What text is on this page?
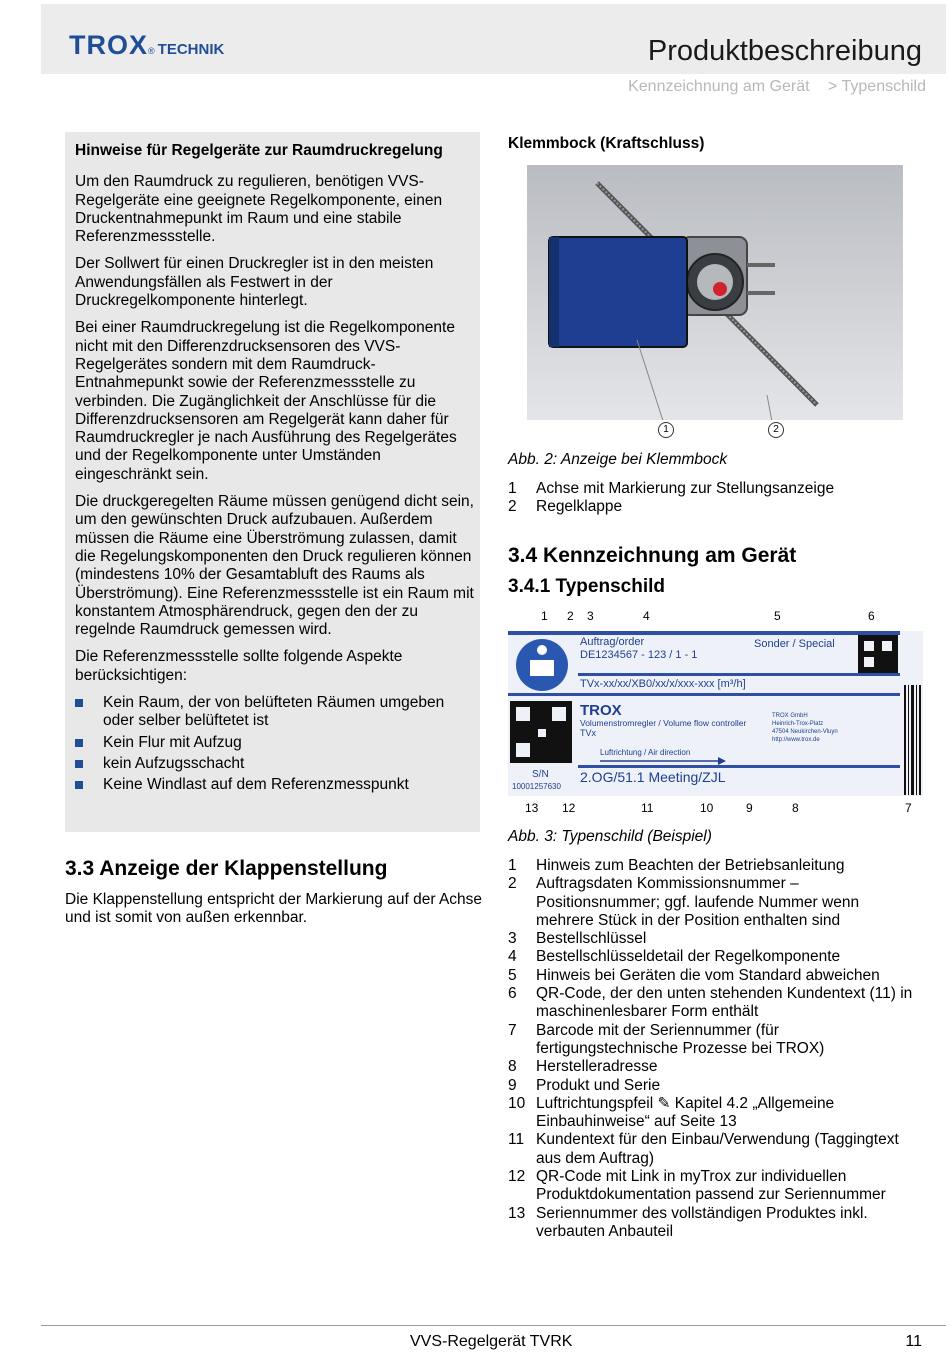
TROX ® TECHNIK	Produktbeschreibung
Kennzeichnung am Gerät > Typenschild

Hinweise für Regelgeräte zur Raumdruckregelung

Um den Raumdruck zu regulieren, benötigen VVS-Regelgeräte eine geeignete Regelkomponente, einen Druckentnahmepunkt im Raum und eine stabile Referenzmessstelle.

Der Sollwert für einen Druckregler ist in den meisten Anwendungsfällen als Festwert in der Druckregelkomponente hinterlegt.

Bei einer Raumdruckregelung ist die Regelkomponente nicht mit den Differenzdrucksensoren des VVS-Regelgerätes sondern mit dem Raumdruck-Entnahmepunkt sowie der Referenzmessstelle zu verbinden. Die Zugänglichkeit der Anschlüsse für die Differenzdrucksensoren am Regelgerät kann daher für Raumdruckregler je nach Ausführung des Regelgerätes und der Regelkomponente unter Umständen eingeschränkt sein.

Die druckgeregelten Räume müssen genügend dicht sein, um den gewünschten Druck aufzubauen. Außerdem müssen die Räume eine Überströmung zulassen, damit die Regelungskomponenten den Druck regulieren können (mindestens 10% der Gesamtabluft des Raums als Überströmung). Eine Referenzmessstelle ist ein Raum mit konstantem Atmosphärendruck, gegen den der zu regelnde Raumdruck gemessen wird.

Die Referenzmessstelle sollte folgende Aspekte berücksichtigen:

Kein Raum, der von belüfteten Räumen umgeben oder selber belüftetet ist
Kein Flur mit Aufzug
kein Aufzugsschacht
Keine Windlast auf dem Referenzmesspunkt
3.3 Anzeige der Klappenstellung

Die Klappenstellung entspricht der Markierung auf der Achse und ist somit von außen erkennbar.

Klemmbock (Kraftschluss)
1	2
Abb. 2: Anzeige bei Klemmbock
1	Achse mit Markierung zur Stellungsanzeige
2	Regelklappe
3.4 Kennzeichnung am Gerät
3.4.1 Typenschild
1 2 3	4	5	6
Auftrag/order
DE1234567 - 123 / 1 - 1
Sonder / Special
TVx-xx/xx/XB0/xx/x/xxx-xxx [m³/h]
TROX
Volumenstromregler / Volume flow controller
TVx
TROX GmbH
Heinrich-Trox-Platz
47504 Neukirchen-Vluyn
http://www.trox.de
Luftrichtung / Air direction
S/N
10001257630
2.OG/51.1 Meeting/ZJL
13 12	11	10	9	8	7
Abb. 3: Typenschild (Beispiel)
1	Hinweis zum Beachten der Betriebsanleitung
2	Auftragsdaten Kommissionsnummer – Positionsnummer; ggf. laufende Nummer wenn mehrere Stück in der Position enthalten sind
3	Bestellschlüssel
4	Bestellschlüsseldetail der Regelkomponente
5	Hinweis bei Geräten die vom Standard abweichen
6	QR-Code, der den unten stehenden Kundentext (11) in maschinenlesbarer Form enthält
7	Barcode mit der Seriennummer (für fertigungstechnische Prozesse bei TROX)
8	Herstelleradresse
9	Produkt und Serie
10 Luftrichtungspfeil ✎ Kapitel 4.2 „Allgemeine Einbauhinweise“ auf Seite 13
11 Kundentext für den Einbau/Verwendung (Taggingtext aus dem Auftrag)
12 QR-Code mit Link in myTrox zur individuellen Produktdokumentation passend zur Seriennummer
13 Seriennummer des vollständigen Produktes inkl. verbauten Anbauteil
VVS-Regelgerät TVRK	11
